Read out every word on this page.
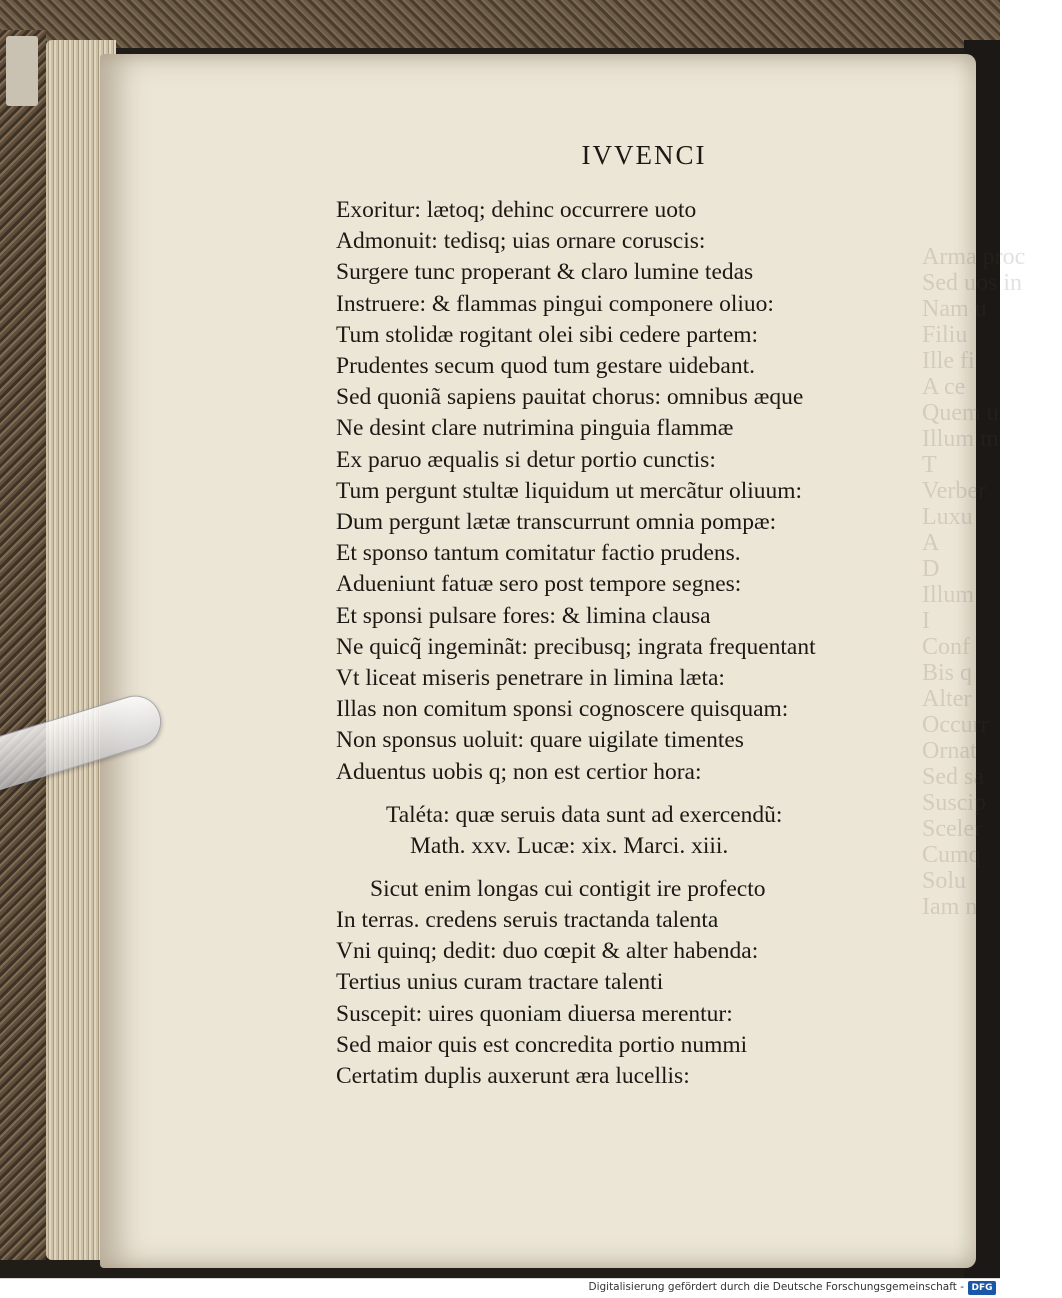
Arma proc
Sed uos in
Nam u
Filiu
Ille fi
A ce
Quem u
Illum m
T
Verber
Luxu
A
D
Illum
I
Conf
Bis q
Alter
Occurr
Ornat
Sed sa
Suscip
Sceler
Cumq
Solu
Iam n
IVVENCI
Exoritur: lætoq; dehinc occurrere uoto
Admonuit: tedisq; uias ornare coruscis:
Surgere tunc properant & claro lumine tedas
Instruere: & flammas pingui componere oliuo:
Tum stolidæ rogitant olei sibi cedere partem:
Prudentes secum quod tum gestare uidebant.
Sed quoniã sapiens pauitat chorus: omnibus æque
Ne desint clare nutrimina pinguia flammæ
Ex paruo æqualis si detur portio cunctis:
Tum pergunt stultæ liquidum ut mercãtur oliuum:
Dum pergunt lætæ transcurrunt omnia pompæ:
Et sponso tantum comitatur factio prudens.
Adueniunt fatuæ sero post tempore segnes:
Et sponsi pulsare fores: & limina clausa
Ne quicq̃ ingeminãt: precibusq; ingrata frequentant
Vt liceat miseris penetrare in limina læta:
Illas non comitum sponsi cognoscere quisquam:
Non sponsus uoluit: quare uigilate timentes
Aduentus uobis q; non est certior hora:
Taléta: quæ seruis data sunt ad exercendũ:
Math. xxv. Lucæ: xix. Marci. xiii.
Sicut enim longas cui contigit ire profecto
In terras. credens seruis tractanda talenta
Vni quinq; dedit: duo cœpit & alter habenda:
Tertius unius curam tractare talenti
Suscepit: uires quoniam diuersa merentur:
Sed maior quis est concredita portio nummi
Certatim duplis auxerunt æra lucellis:
Digitalisierung gefördert durch die Deutsche Forschungsgemeinschaft - DFG
